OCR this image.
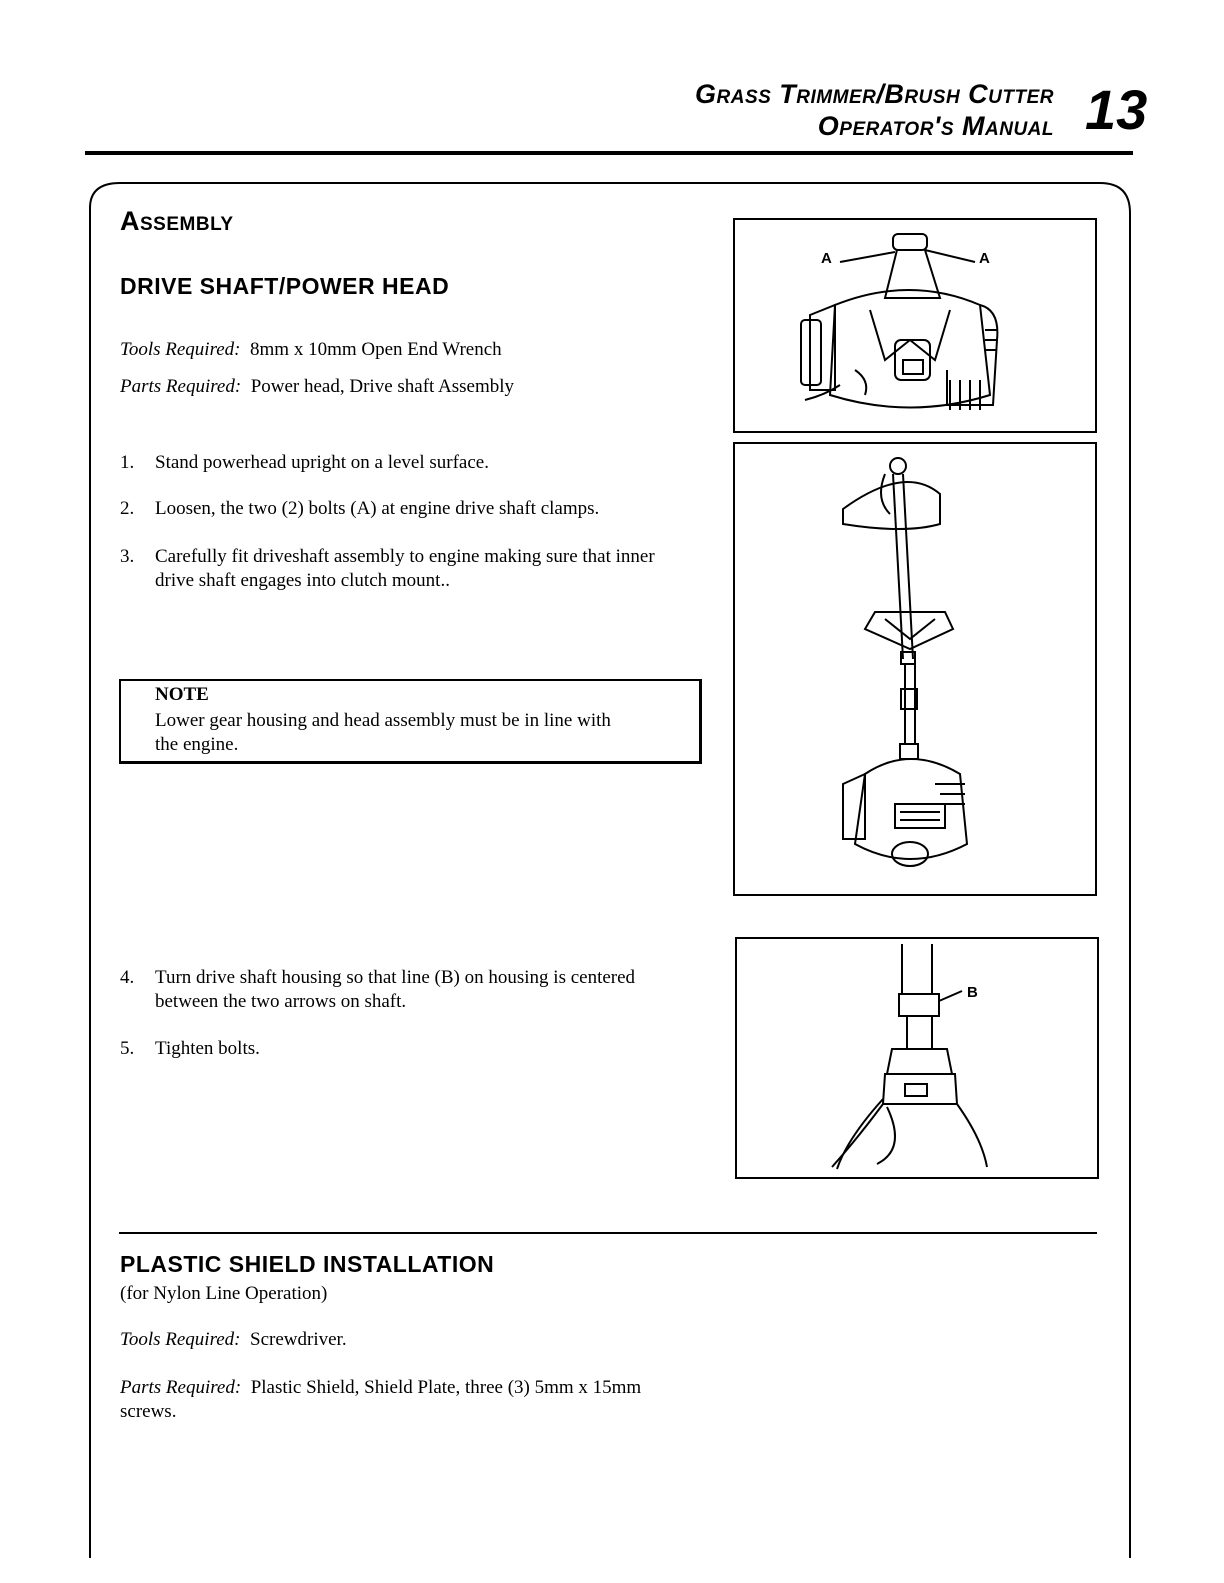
Grass Trimmer/Brush Cutter
Operator's Manual 13
Assembly
DRIVE SHAFT/POWER HEAD
Tools Required: 8mm x 10mm Open End Wrench
Parts Required: Power head, Drive shaft Assembly
1. Stand powerhead upright on a level surface.
2. Loosen, the two (2) bolts (A) at engine drive shaft clamps.
3. Carefully fit driveshaft assembly to engine making sure that inner drive shaft engages into clutch mount..
NOTE
Lower gear housing and head assembly must be in line with the engine.
4. Turn drive shaft housing so that line (B) on housing is centered between the two arrows on shaft.
5. Tighten bolts.
A	A
B
PLASTIC SHIELD INSTALLATION
(for Nylon Line Operation)
Tools Required: Screwdriver.
Parts Required: Plastic Shield, Shield Plate, three (3) 5mm x 15mm screws.
